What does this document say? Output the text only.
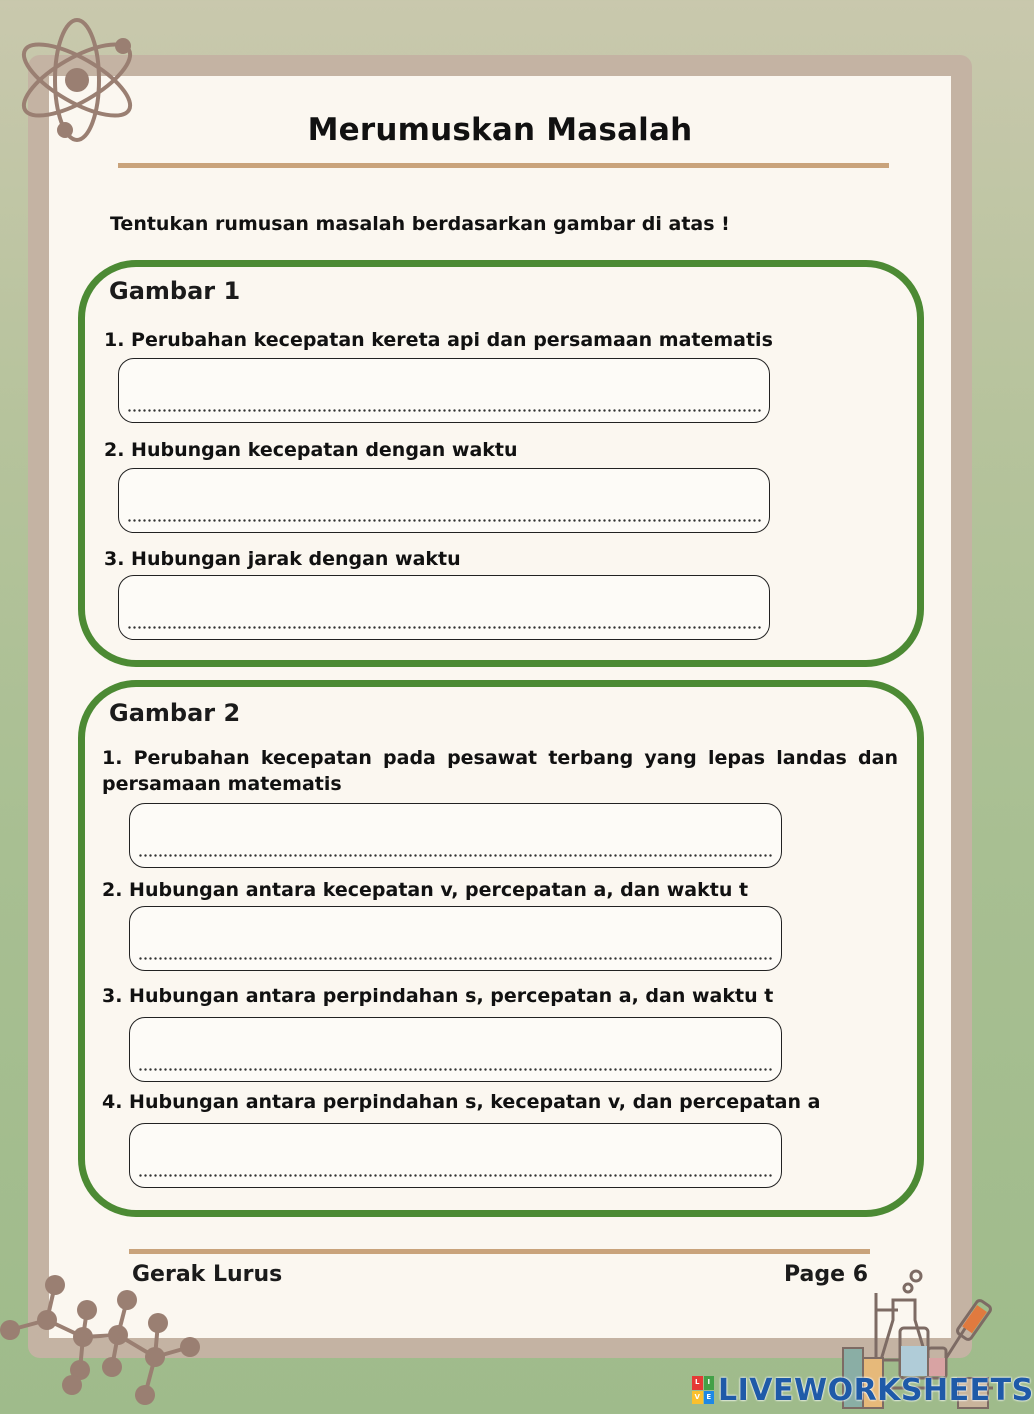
Merumuskan Masalah
Tentukan rumusan masalah berdasarkan gambar di atas !
Gambar 1
1. Perubahan kecepatan kereta api dan persamaan matematis
2. Hubungan kecepatan dengan waktu
3. Hubungan jarak dengan waktu
Gambar 2
1. Perubahan kecepatan pada pesawat terbang yang lepas landas dan persamaan matematis
2. Hubungan antara kecepatan v, percepatan a, dan waktu t
3. Hubungan antara perpindahan s, percepatan a, dan waktu t
4. Hubungan antara perpindahan s, kecepatan v, dan percepatan a
Gerak Lurus	Page 6
L	I
V E LIVEWORKSHEETS
